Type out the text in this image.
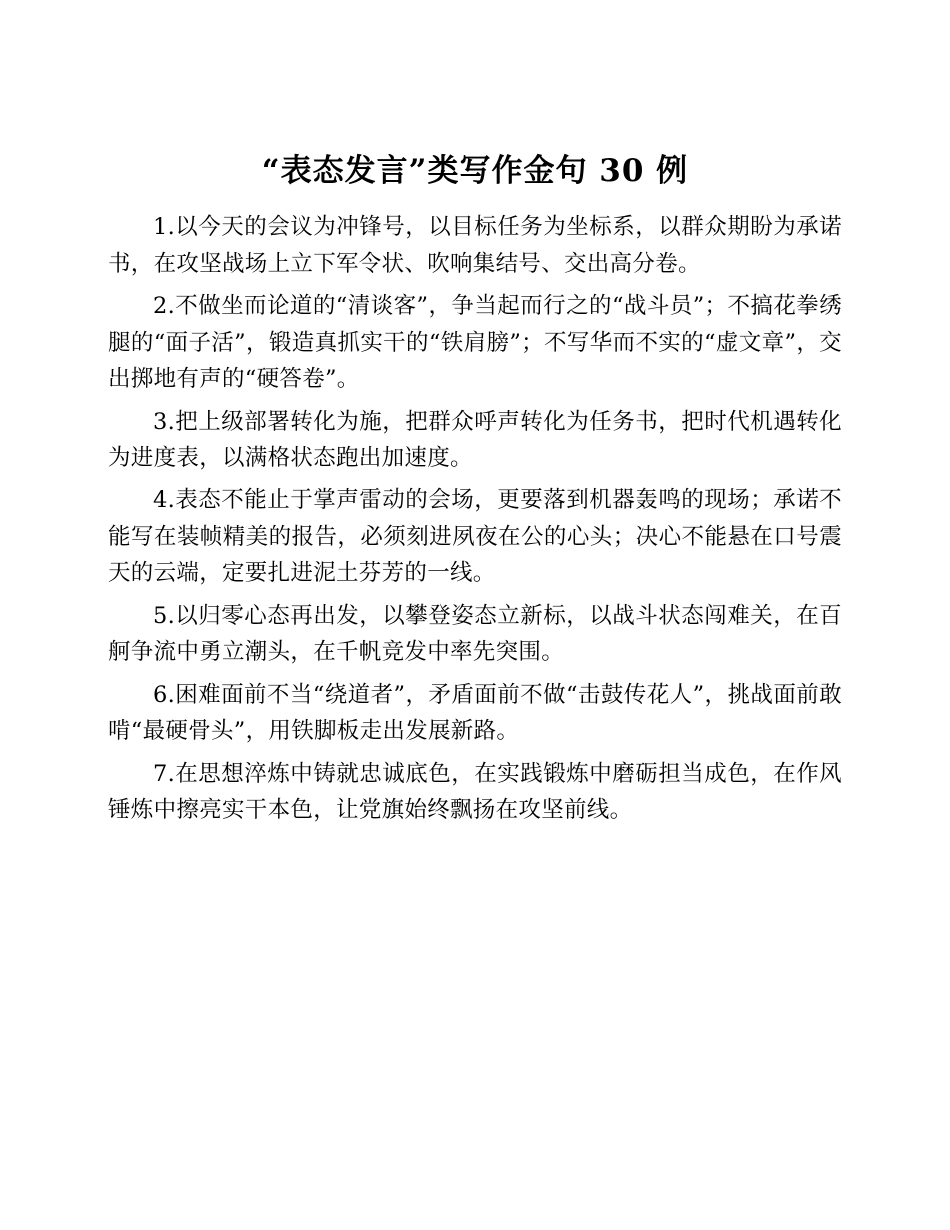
“表态发言”类写作金句 30 例

1.以今天的会议为冲锋号，以目标任务为坐标系，以群众期盼为承诺书，在攻坚战场上立下军令状、吹响集结号、交出高分卷。

2.不做坐而论道的“清谈客”，争当起而行之的“战斗员”；不搞花拳绣腿的“面子活”，锻造真抓实干的“铁肩膀”；不写华而不实的“虚文章”，交出掷地有声的“硬答卷”。

3.把上级部署转化为施，把群众呼声转化为任务书，把时代机遇转化为进度表，以满格状态跑出加速度。

4.表态不能止于掌声雷动的会场，更要落到机器轰鸣的现场；承诺不能写在装帧精美的报告，必须刻进夙夜在公的心头；决心不能悬在口号震天的云端，定要扎进泥土芬芳的一线。

5.以归零心态再出发，以攀登姿态立新标，以战斗状态闯难关，在百舸争流中勇立潮头，在千帆竞发中率先突围。

6.困难面前不当“绕道者”，矛盾面前不做“击鼓传花人”，挑战面前敢啃“最硬骨头”，用铁脚板走出发展新路。

7.在思想淬炼中铸就忠诚底色，在实践锻炼中磨砺担当成色，在作风锤炼中擦亮实干本色，让党旗始终飘扬在攻坚前线。
